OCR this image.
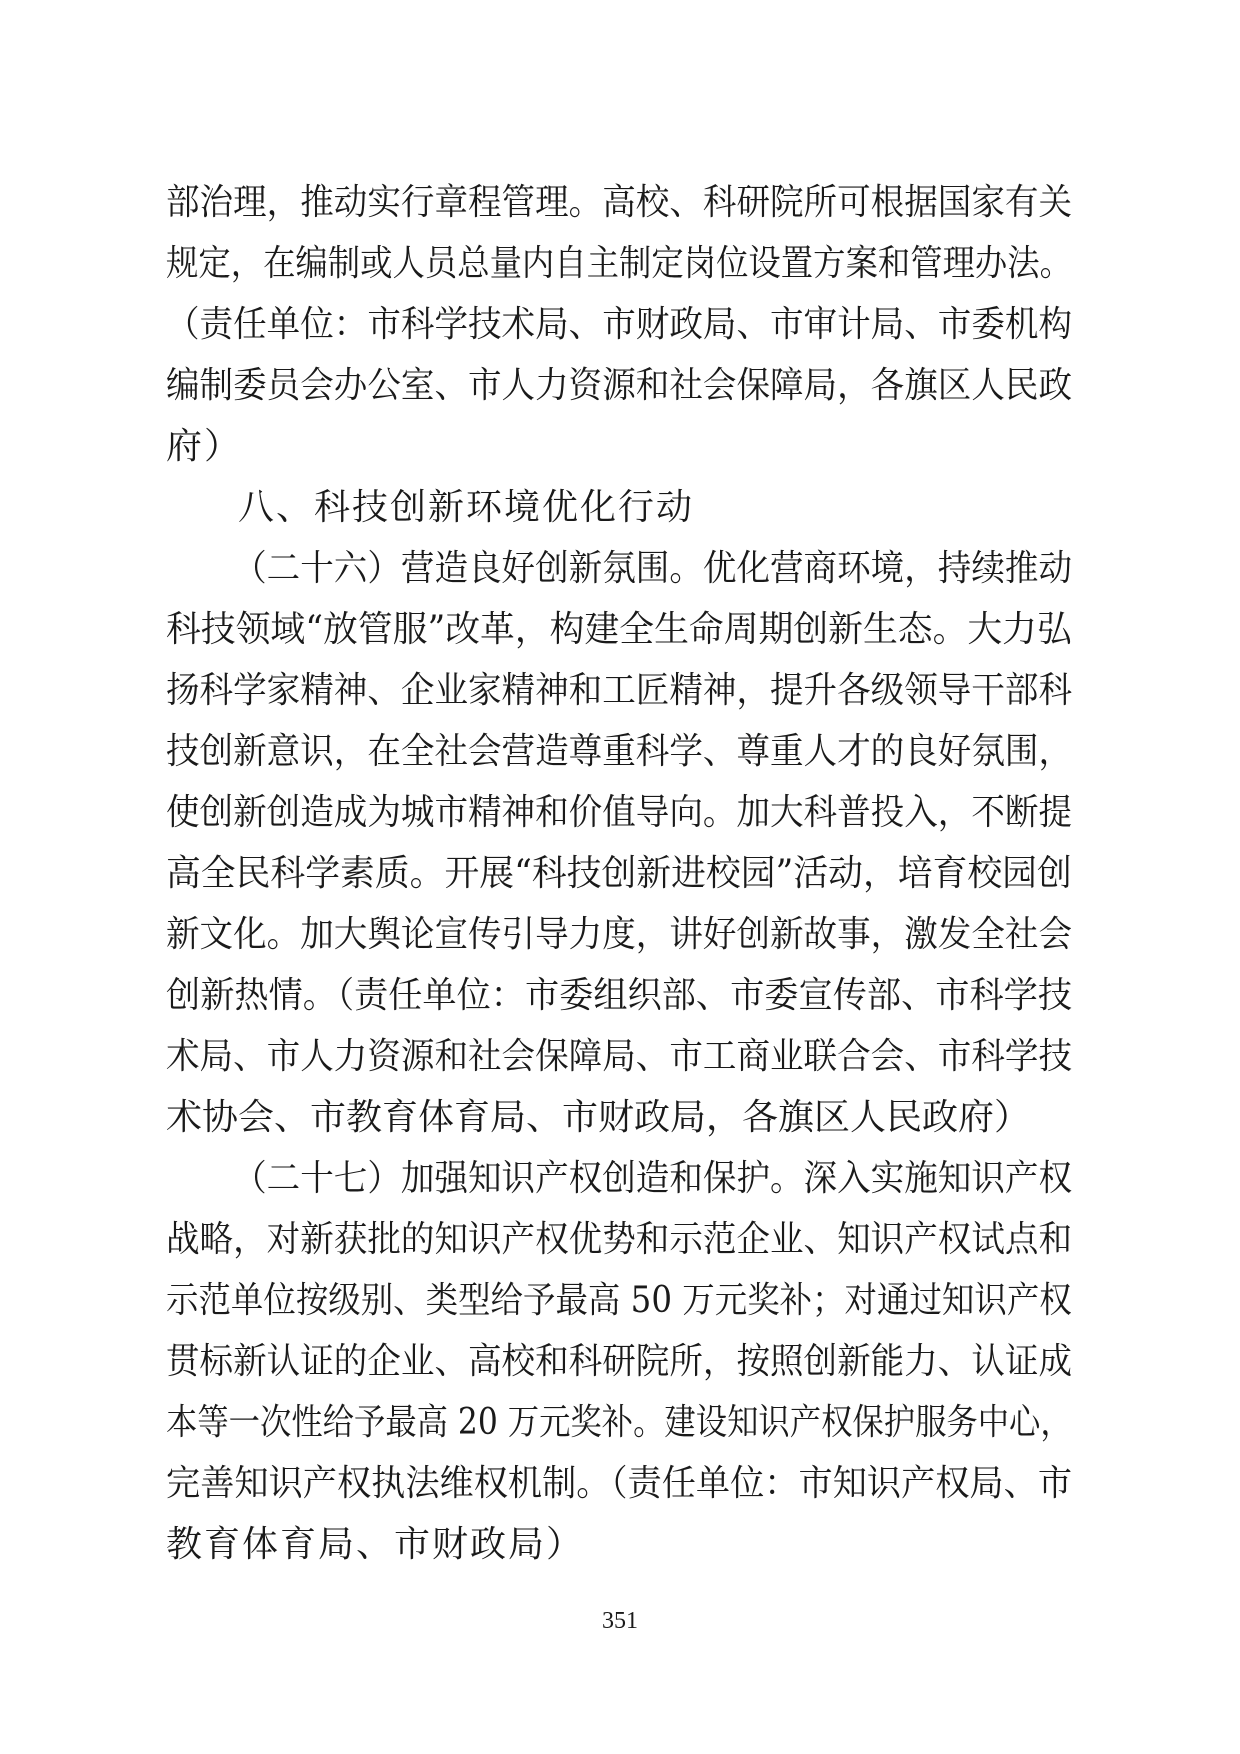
部治理，推动实行章程管理。高校、科研院所可根据国家有关
规定，在编制或人员总量内自主制定岗位设置方案和管理办法。
（责任单位：市科学技术局、市财政局、市审计局、市委机构
编制委员会办公室、市人力资源和社会保障局，各旗区人民政
府）
八、科技创新环境优化行动
（二十六）营造良好创新氛围。优化营商环境，持续推动
科技领域“放管服”改革，构建全生命周期创新生态。大力弘
扬科学家精神、企业家精神和工匠精神，提升各级领导干部科
技创新意识，在全社会营造尊重科学、尊重人才的良好氛围，
使创新创造成为城市精神和价值导向。加大科普投入，不断提
高全民科学素质。开展“科技创新进校园”活动，培育校园创
新文化。加大舆论宣传引导力度，讲好创新故事，激发全社会
创新热情。（责任单位：市委组织部、市委宣传部、市科学技
术局、市人力资源和社会保障局、市工商业联合会、市科学技
术协会、市教育体育局、市财政局，各旗区人民政府）
（二十七）加强知识产权创造和保护。深入实施知识产权
战略，对新获批的知识产权优势和示范企业、知识产权试点和
示范单位按级别、类型给予最高 50 万元奖补；对通过知识产权
贯标新认证的企业、高校和科研院所，按照创新能力、认证成
本等一次性给予最高 20 万元奖补。建设知识产权保护服务中心，
完善知识产权执法维权机制。（责任单位：市知识产权局、市
教育体育局、市财政局）
351
